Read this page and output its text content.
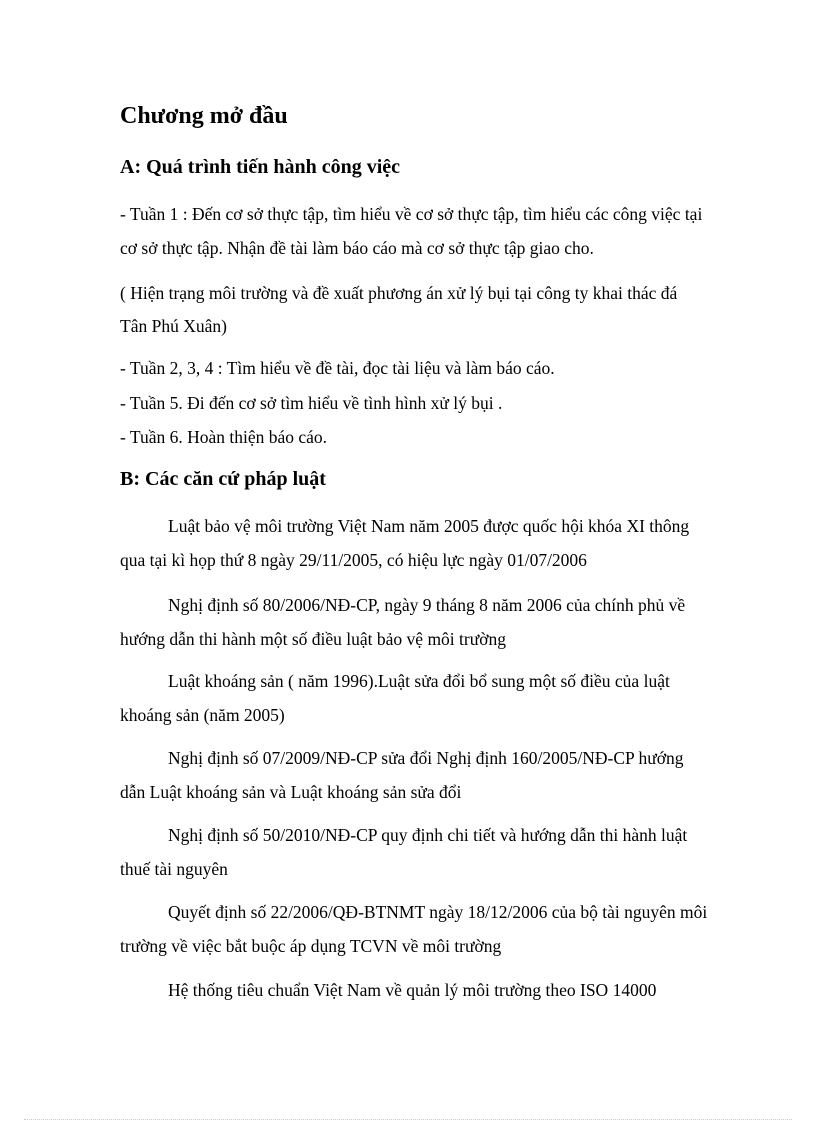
Chương mở đầu
A: Quá trình tiến hành công việc
- Tuần 1 : Đến cơ sở thực tập, tìm hiểu về cơ sở thực tập, tìm hiểu các công việc tại
cơ sở thực tập. Nhận đề tài làm báo cáo mà cơ sở thực tập giao cho.
( Hiện trạng môi trường và đề xuất phương án xử lý bụi tại công ty khai thác đá
Tân Phú Xuân)
- Tuần 2, 3, 4 : Tìm hiểu về đề tài, đọc tài liệu và làm báo cáo.
- Tuần 5. Đi đến cơ sở tìm hiểu về tình hình xử lý bụi .
- Tuần 6. Hoàn thiện báo cáo.
B: Các căn cứ pháp luật
Luật bảo vệ môi trường Việt Nam năm 2005 được quốc hội khóa XI thông
qua tại kì họp thứ 8 ngày 29/11/2005, có hiệu lực ngày 01/07/2006
Nghị định số 80/2006/NĐ-CP, ngày 9 tháng 8 năm 2006 của chính phủ về
hướng dẫn thi hành một số điều luật bảo vệ môi trường
Luật khoáng sản ( năm 1996).Luật sửa đổi bổ sung một số điều của luật
khoáng sản (năm 2005)
Nghị định số 07/2009/NĐ-CP sửa đổi Nghị định 160/2005/NĐ-CP hướng
dẫn Luật khoáng sản và Luật khoáng sản sửa đổi
Nghị định số 50/2010/NĐ-CP quy định chi tiết và hướng dẫn thi hành luật
thuế tài nguyên
Quyết định số 22/2006/QĐ-BTNMT ngày 18/12/2006 của bộ tài nguyên môi
trường về việc bắt buộc áp dụng TCVN về môi trường
Hệ thống tiêu chuẩn Việt Nam về quản lý môi trường theo ISO 14000
